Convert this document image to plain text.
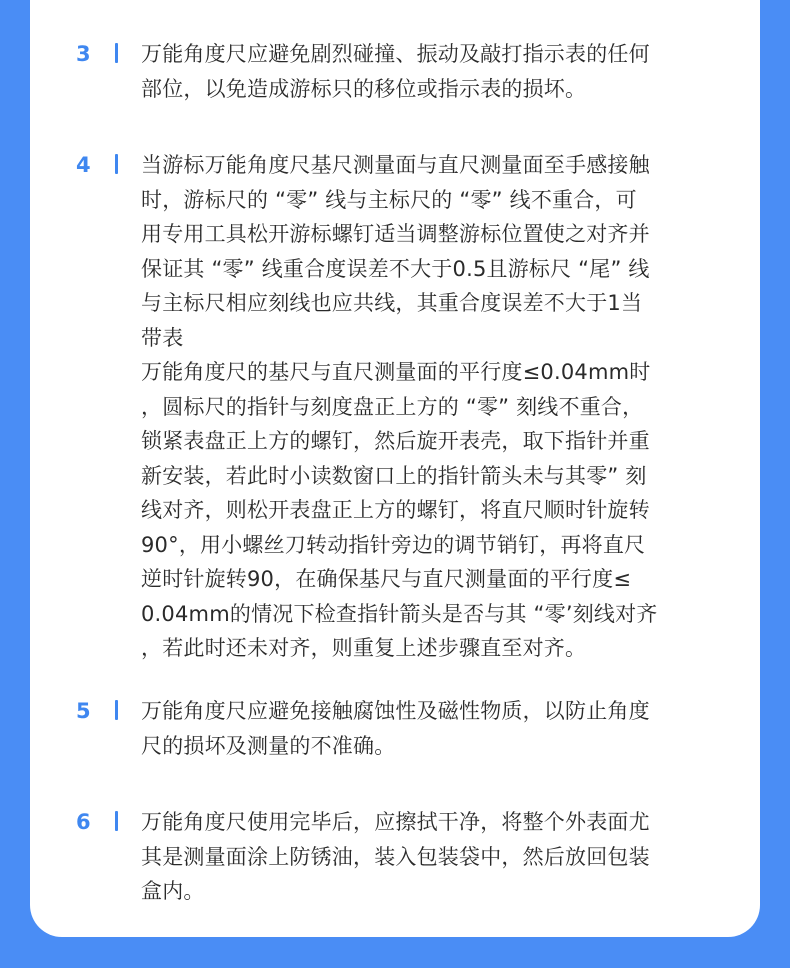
3 万能角度尺应避免剧烈碰撞、振动及敲打指示表的任何
部位，以免造成游标只的移位或指示表的损坏。
4 当游标万能角度尺基尺测量面与直尺测量面至手感接触
时，游标尺的 “零” 线与主标尺的 “零” 线不重合，可
用专用工具松开游标螺钉适当调整游标位置使之对齐并
保证其 “零” 线重合度误差不大于0.5且游标尺 “尾” 线
与主标尺相应刻线也应共线，其重合度误差不大于1当
带表
万能角度尺的基尺与直尺测量面的平行度≤0.04mm时
，圆标尺的指针与刻度盘正上方的 “零” 刻线不重合，
锁紧表盘正上方的螺钉，然后旋开表壳，取下指针并重
新安装，若此时小读数窗口上的指针箭头未与其零” 刻
线对齐，则松开表盘正上方的螺钉，将直尺顺时针旋转
90°，用小螺丝刀转动指针旁边的调节销钉，再将直尺
逆时针旋转90，在确保基尺与直尺测量面的平行度≤
0.04mm的情况下检查指针箭头是否与其 “零’刻线对齐
，若此时还未对齐，则重复上述步骤直至对齐。
5 万能角度尺应避免接触腐蚀性及磁性物质，以防止角度
尺的损坏及测量的不准确。
6 万能角度尺使用完毕后，应擦拭干净，将整个外表面尤
其是测量面涂上防锈油，装入包装袋中，然后放回包装
盒内。
